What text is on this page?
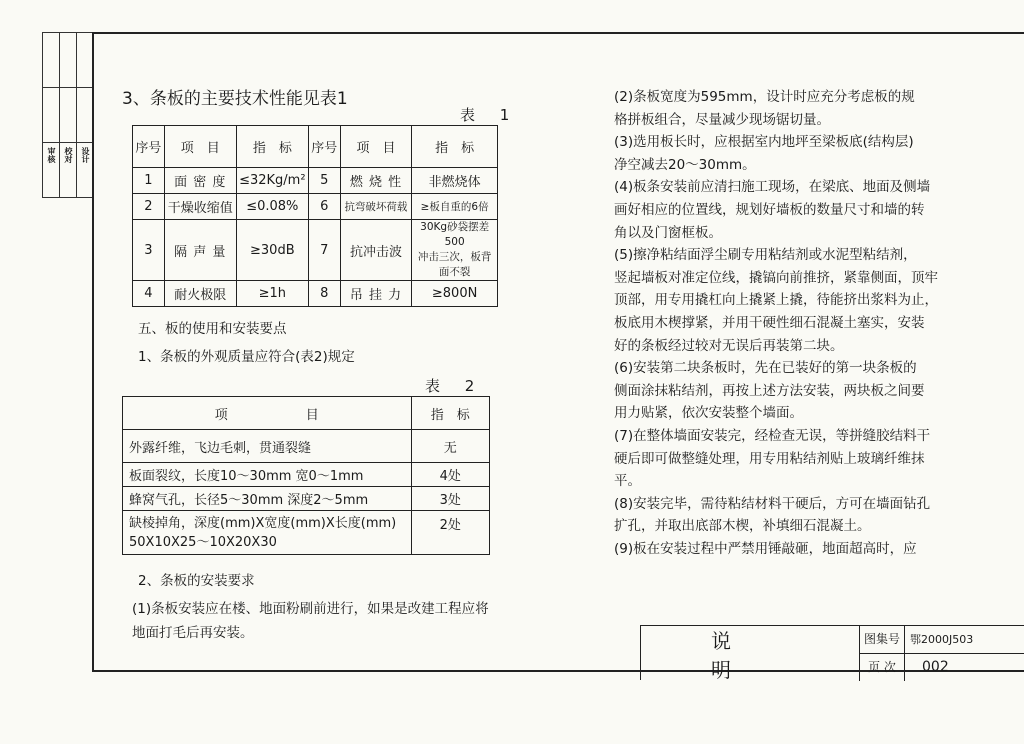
审核 校对 设计
3、条板的主要技术性能见表1
表 1
序号	项　目	指　标	序号	项　目	指　标
1	面 密 度	≤32Kg/m²	5	燃 烧 性	非燃烧体
2	干燥收缩值	≤0.08%	6	抗弯破坏荷载	≥板自重的6倍
3	隔 声 量	≥30dB	7	抗冲击波	30Kg砂袋摆差500
冲击三次，板背面不裂
4	耐火极限	≥1h	8	吊 挂 力	≥800N
五、板的使用和安装要点
1、条板的外观质量应符合(表2)规定
表 2
项　　　　　　目	指　标
外露纤维，飞边毛刺，贯通裂缝	无
板面裂纹，长度10～30mm 宽0～1mm	4处
蜂窝气孔，长径5～30mm 深度2～5mm	3处
缺棱掉角，深度(mm)X宽度(mm)X长度(mm)
50X10X25～10X20X30	2处
2、条板的安装要求
(1)条板安装应在楼、地面粉刷前进行，如果是改建工程应将
地面打毛后再安装。
(2)条板宽度为595mm，设计时应充分考虑板的规
格拼板组合，尽量减少现场锯切量。
(3)选用板长时，应根据室内地坪至梁板底(结构层)
净空减去20～30mm。
(4)板条安装前应清扫施工现场，在梁底、地面及侧墙
画好相应的位置线，规划好墙板的数量尺寸和墙的转
角以及门窗框板。
(5)擦净粘结面浮尘刷专用粘结剂或水泥型粘结剂，
竖起墙板对准定位线，撬镐向前推挤，紧靠侧面，顶牢
顶部，用专用撬杠向上撬紧上撬，待能挤出浆料为止，
板底用木楔撑紧，并用干硬性细石混凝土塞实，安装
好的条板经过较对无误后再装第二块。
(6)安装第二块条板时，先在已装好的第一块条板的
侧面涂抹粘结剂，再按上述方法安装，两块板之间要
用力贴紧，依次安装整个墙面。
(7)在整体墙面安装完，经检查无误，等拼缝胶结料干
硬后即可做整缝处理，用专用粘结剂贴上玻璃纤维抹
平。
(8)安装完毕，需待粘结材料干硬后，方可在墙面钻孔
扩孔，并取出底部木楔，补填细石混凝土。
(9)板在安装过程中严禁用锤敲砸，地面超高时，应
说明
图集号 鄂2000J503
页 次	002
